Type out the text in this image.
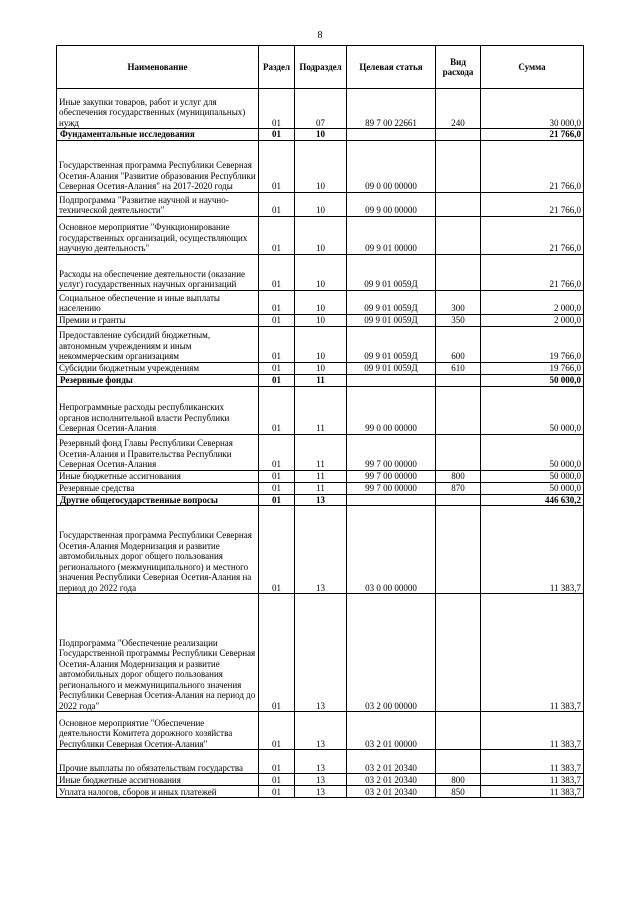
8
Наименование	Раздел	Подраздел	Целевая статья	Вид расхода	Сумма
Иные закупки товаров, работ и услуг для обеспечения государственных (муниципальных) нужд	01	07	89 7 00 22661	240	30 000,0
Фундаментальные исследования	01	10			21 766,0
Государственная программа Республики Северная Осетия-Алания "Развитие образования Республики Северная Осетия-Алания" на 2017-2020 годы	01	10	09 0 00 00000		21 766,0
Подпрограмма "Развитие научной и научно-технической деятельности"	01	10	09 9 00 00000		21 766,0
Основное мероприятие "Функционирование государственных организаций, осуществляющих научную деятельность"	01	10	09 9 01 00000		21 766,0
Расходы на обеспечение деятельности (оказание услуг) государственных научных организаций	01	10	09 9 01 0059Д		21 766,0
Социальное обеспечение и иные выплаты населению	01	10	09 9 01 0059Д	300	2 000,0
Премии и гранты	01	10	09 9 01 0059Д	350	2 000,0
Предоставление субсидий бюджетным, автономным учреждениям и иным некоммерческим организациям	01	10	09 9 01 0059Д	600	19 766,0
Субсидии бюджетным учреждениям	01	10	09 9 01 0059Д	610	19 766,0
Резервные фонды	01	11			50 000,0
Непрограммные расходы республиканских органов исполнительной власти Республики Северная Осетия-Алания	01	11	99 0 00 00000		50 000,0
Резервный фонд Главы Республики Северная Осетия-Алания и Правительства Республики Северная Осетия-Алания	01	11	99 7 00 00000		50 000,0
Иные бюджетные ассигнования	01	11	99 7 00 00000	800	50 000,0
Резервные средства	01	11	99 7 00 00000	870	50 000,0
Другие общегосударственные вопросы	01	13			446 630,2
Государственная программа Республики Северная Осетия-Алания Модернизация и развитие автомобильных дорог общего пользования регионального (межмуниципального) и местного значения Республики Северная Осетия-Алания на период до 2022 года	01	13	03 0 00 00000		11 383,7
Подпрограмма "Обеспечение реализации Государственной программы Республики Северная Осетия-Алания Модернизация и развитие автомобильных дорог общего пользования регионального и межмуниципального значения Республики Северная Осетия-Алания на период до 2022 года"	01	13	03 2 00 00000		11 383,7
Основное мероприятие "Обеспечение деятельности Комитета дорожного хозяйства Республики Северная Осетия-Алания"	01	13	03 2 01 00000		11 383,7
Прочие выплаты по обязательствам государства	01	13	03 2 01 20340		11 383,7
Иные бюджетные ассигнования	01	13	03 2 01 20340	800	11 383,7
Уплата налогов, сборов и иных платежей	01	13	03 2 01 20340	850	11 383,7
